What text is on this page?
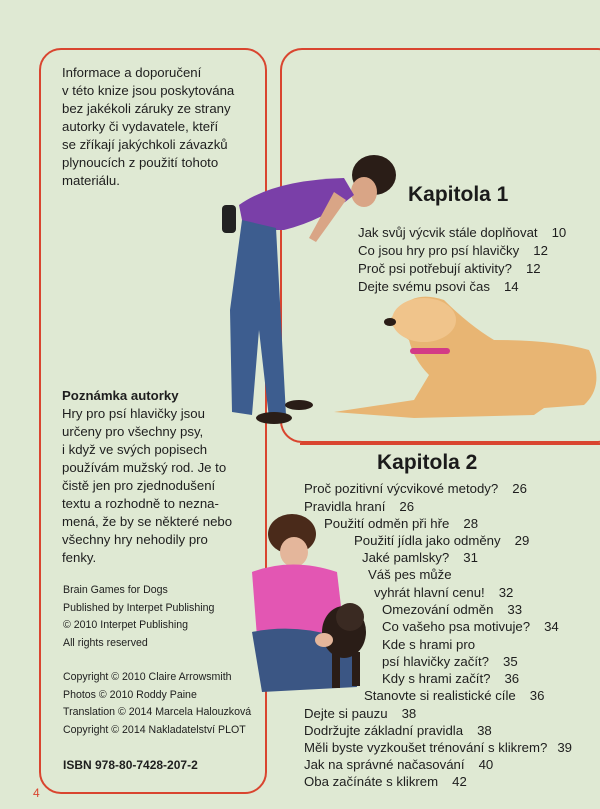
Informace a doporučení
v této knize jsou poskytována
bez jakékoli záruky ze strany
autorky či vydavatele, kteří
se zříkají jakýchkoli závazků
plynoucích z použití tohoto
materiálu.
Poznámka autorky
Hry pro psí hlavičky jsou
určeny pro všechny psy,
i když ve svých popisech
používám mužský rod. Je to
čistě jen pro zjednodušení
textu a rozhodně to nezna-
mená, že by se některé nebo
všechny hry nehodily pro
fenky.
Brain Games for Dogs
Published by Interpet Publishing
© 2010 Interpet Publishing
All rights reserved
Copyright © 2010 Claire Arrowsmith
Photos © 2010 Roddy Paine
Translation © 2014 Marcela Halouzková
Copyright © 2014 Nakladatelství PLOT
ISBN 978-80-7428-207-2
4
Kapitola 1
Jak svůj výcvik stále doplňovat 10
Co jsou hry pro psí hlavičky 12
Proč psi potřebují aktivity? 12
Dejte svému psovi čas 14
Kapitola 2
Proč pozitivní výcvikové metody? 26
Pravidla hraní 26
Použití odměn při hře 28
Použití jídla jako odměny 29
Jaké pamlsky? 31
Váš pes může
vyhrát hlavní cenu! 32
Omezování odměn 33
Co vašeho psa motivuje? 34
Kde s hrami pro
psí hlavičky začít? 35
Kdy s hrami začít? 36
Stanovte si realistické cíle 36
Dejte si pauzu 38
Dodržujte základní pravidla 38
Měli byste vyzkoušet trénování s klikrem? 39
Jak na správné načasování 40
Oba začínáte s klikrem 42
